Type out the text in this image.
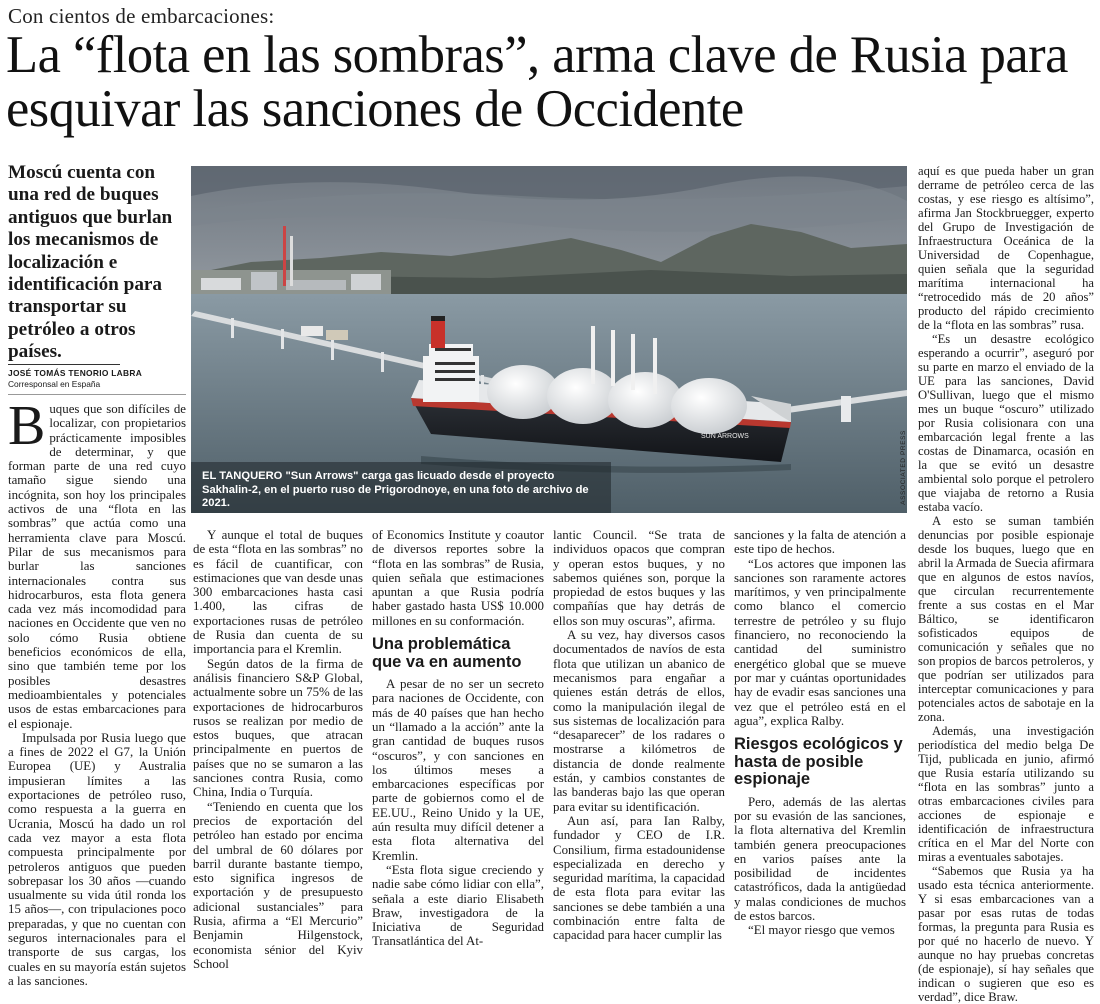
Con cientos de embarcaciones:
La “flota en las sombras”, arma clave de Rusia para esquivar las sanciones de Occidente
Moscú cuenta con una red de buques antiguos que burlan los mecanismos de localización e identificación para transportar su petróleo a otros países.
JOSÉ TOMÁS TENORIO LABRA
Corresponsal en España
SUN ARROWS
EL TANQUERO "Sun Arrows" carga gas licuado desde el proyecto Sakhalin-2, en el puerto ruso de Prigorodnoye, en una foto de archivo de 2021.	ASSOCIATED PRESS

Buques que son difíciles de localizar, con propietarios prácticamente imposibles de determinar, y que forman parte de una red cuyo tamaño sigue siendo una incógnita, son hoy los principales activos de una “flota en las sombras” que actúa como una herramienta clave para Moscú. Pilar de sus mecanismos para burlar las sanciones internacionales contra sus hidrocarburos, esta flota genera cada vez más incomodidad para naciones en Occidente que ven no solo cómo Rusia obtiene beneficios económicos de ella, sino que también teme por los posibles desastres medioambientales y potenciales usos de estas embarcaciones para el espionaje.

Impulsada por Rusia luego que a fines de 2022 el G7, la Unión Europea (UE) y Australia impusieran límites a las exportaciones de petróleo ruso, como respuesta a la guerra en Ucrania, Moscú ha dado un rol cada vez mayor a esta flota compuesta principalmente por petroleros antiguos que pueden sobrepasar los 30 años —cuando usualmente su vida útil ronda los 15 años—, con tripulaciones poco preparadas, y que no cuentan con seguros internacionales para el transporte de sus cargas, los cuales en su mayoría están sujetos a las sanciones.

Y aunque el total de buques de esta “flota en las sombras” no es fácil de cuantificar, con estimaciones que van desde unas 300 embarcaciones hasta casi 1.400, las cifras de exportaciones rusas de petróleo de Rusia dan cuenta de su importancia para el Kremlin.

Según datos de la firma de análisis financiero S&P Global, actualmente sobre un 75% de las exportaciones de hidrocarburos rusos se realizan por medio de estos buques, que atracan principalmente en puertos de países que no se sumaron a las sanciones contra Rusia, como China, India o Turquía.

“Teniendo en cuenta que los precios de exportación del petróleo han estado por encima del umbral de 60 dólares por barril durante bastante tiempo, esto significa ingresos de exportación y de presupuesto adicional sustanciales” para Rusia, afirma a “El Mercurio” Benjamin Hilgenstock, economista sénior del Kyiv School

of Economics Institute y coautor de diversos reportes sobre la “flota en las sombras” de Rusia, quien señala que estimaciones apuntan a que Rusia podría haber gastado hasta US$ 10.000 millones en su conformación.

Una problemática que va en aumento

A pesar de no ser un secreto para naciones de Occidente, con más de 40 países que han hecho un “llamado a la acción” ante la gran cantidad de buques rusos “oscuros”, y con sanciones en los últimos meses a embarcaciones específicas por parte de gobiernos como el de EE.UU., Reino Unido y la UE, aún resulta muy difícil detener a esta flota alternativa del Kremlin.

“Esta flota sigue creciendo y nadie sabe cómo lidiar con ella”, señala a este diario Elisabeth Braw, investigadora de la Iniciativa de Seguridad Transatlántica del At-

lantic Council. “Se trata de individuos opacos que compran y operan estos buques, y no sabemos quiénes son, porque la propiedad de estos buques y las compañías que hay detrás de ellos son muy oscuras”, afirma.

A su vez, hay diversos casos documentados de navíos de esta flota que utilizan un abanico de mecanismos para engañar a quienes están detrás de ellos, como la manipulación ilegal de sus sistemas de localización para “desaparecer” de los radares o mostrarse a kilómetros de distancia de donde realmente están, y cambios constantes de las banderas bajo las que operan para evitar su identificación.

Aun así, para Ian Ralby, fundador y CEO de I.R. Consilium, firma estadounidense especializada en derecho y seguridad marítima, la capacidad de esta flota para evitar las sanciones se debe también a una combinación entre falta de capacidad para hacer cumplir las

sanciones y la falta de atención a este tipo de hechos.

“Los actores que imponen las sanciones son raramente actores marítimos, y ven principalmente como blanco el comercio terrestre de petróleo y su flujo financiero, no reconociendo la cantidad del suministro energético global que se mueve por mar y cuántas oportunidades hay de evadir esas sanciones una vez que el petróleo está en el agua”, explica Ralby.

Riesgos ecológicos y hasta de posible espionaje

Pero, además de las alertas por su evasión de las sanciones, la flota alternativa del Kremlin también genera preocupaciones en varios países ante la posibilidad de incidentes catastróficos, dada la antigüedad y malas condiciones de muchos de estos barcos.

“El mayor riesgo que vemos

aquí es que pueda haber un gran derrame de petróleo cerca de las costas, y ese riesgo es altísimo”, afirma Jan Stockbruegger, experto del Grupo de Investigación de Infraestructura Oceánica de la Universidad de Copenhague, quien señala que la seguridad marítima internacional ha “retrocedido más de 20 años” producto del rápido crecimiento de la “flota en las sombras” rusa.

“Es un desastre ecológico esperando a ocurrir”, aseguró por su parte en marzo el enviado de la UE para las sanciones, David O'Sullivan, luego que el mismo mes un buque “oscuro” utilizado por Rusia colisionara con una embarcación legal frente a las costas de Dinamarca, ocasión en la que se evitó un desastre ambiental solo porque el petrolero que viajaba de retorno a Rusia estaba vacío.

A esto se suman también denuncias por posible espionaje desde los buques, luego que en abril la Armada de Suecia afirmara que en algunos de estos navíos, que circulan recurrentemente frente a sus costas en el Mar Báltico, se identificaron sofisticados equipos de comunicación y señales que no son propios de barcos petroleros, y que podrían ser utilizados para interceptar comunicaciones y para potenciales actos de sabotaje en la zona.

Además, una investigación periodística del medio belga De Tijd, publicada en junio, afirmó que Rusia estaría utilizando su “flota en las sombras” junto a otras embarcaciones civiles para acciones de espionaje e identificación de infraestructura crítica en el Mar del Norte con miras a eventuales sabotajes.

“Sabemos que Rusia ya ha usado esta técnica anteriormente. Y si esas embarcaciones van a pasar por esas rutas de todas formas, la pregunta para Rusia es por qué no hacerlo de nuevo. Y aunque no hay pruebas concretas (de espionaje), sí hay señales que indican o sugieren que eso es verdad”, dice Braw.
